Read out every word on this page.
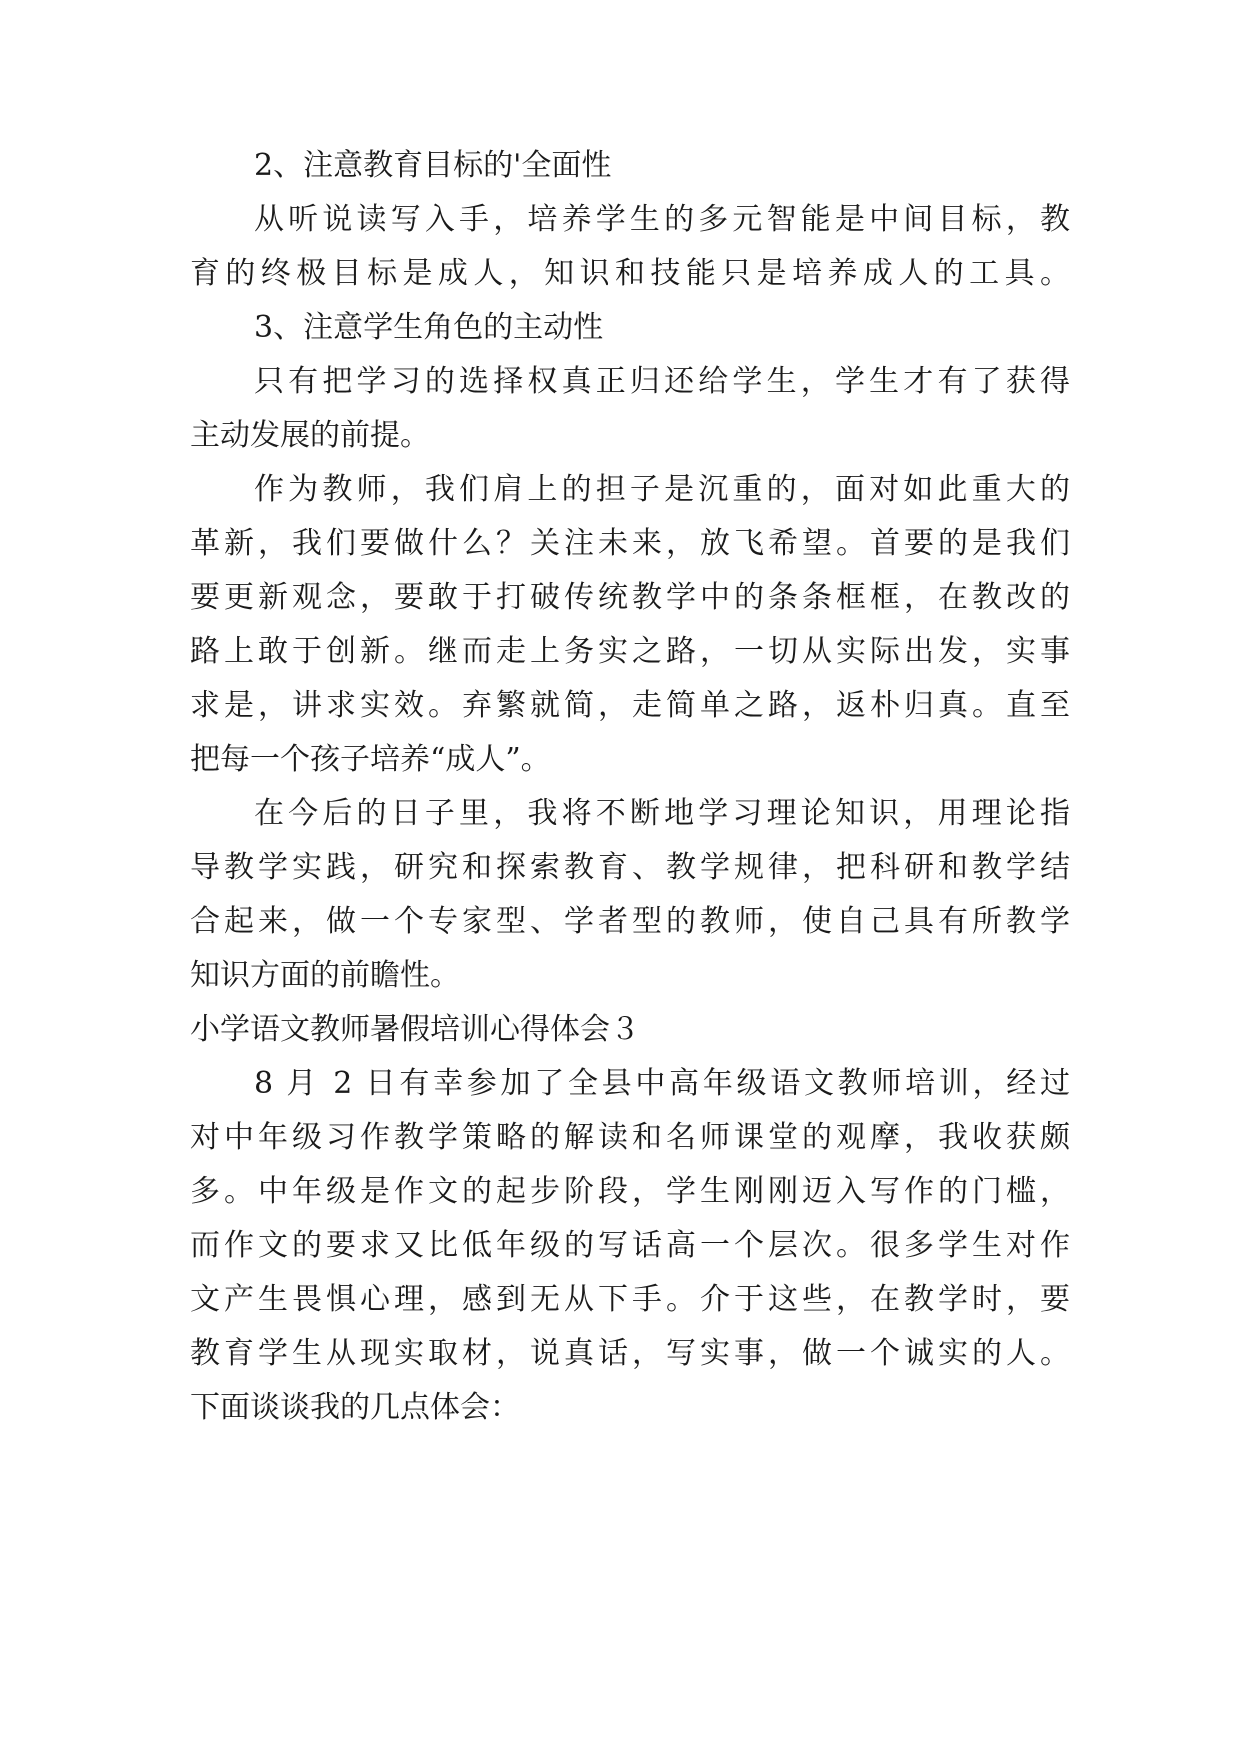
2、注意教育目标的'全面性
从听说读写入手，培养学生的多元智能是中间目标，教
育的终极目标是成人，知识和技能只是培养成人的工具。
3、注意学生角色的主动性
只有把学习的选择权真正归还给学生，学生才有了获得
主动发展的前提。
作为教师，我们肩上的担子是沉重的，面对如此重大的
革新，我们要做什么？关注未来，放飞希望。首要的是我们
要更新观念，要敢于打破传统教学中的条条框框，在教改的
路上敢于创新。继而走上务实之路，一切从实际出发，实事
求是，讲求实效。弃繁就简，走简单之路，返朴归真。直至
把每一个孩子培养“成人”。
在今后的日子里，我将不断地学习理论知识，用理论指
导教学实践，研究和探索教育、教学规律，把科研和教学结
合起来，做一个专家型、学者型的教师，使自己具有所教学
知识方面的前瞻性。
小学语文教师暑假培训心得体会３
8 月 2 日有幸参加了全县中高年级语文教师培训，经过
对中年级习作教学策略的解读和名师课堂的观摩，我收获颇
多。中年级是作文的起步阶段，学生刚刚迈入写作的门槛，
而作文的要求又比低年级的写话高一个层次。很多学生对作
文产生畏惧心理，感到无从下手。介于这些，在教学时，要
教育学生从现实取材，说真话，写实事，做一个诚实的人。
下面谈谈我的几点体会：
